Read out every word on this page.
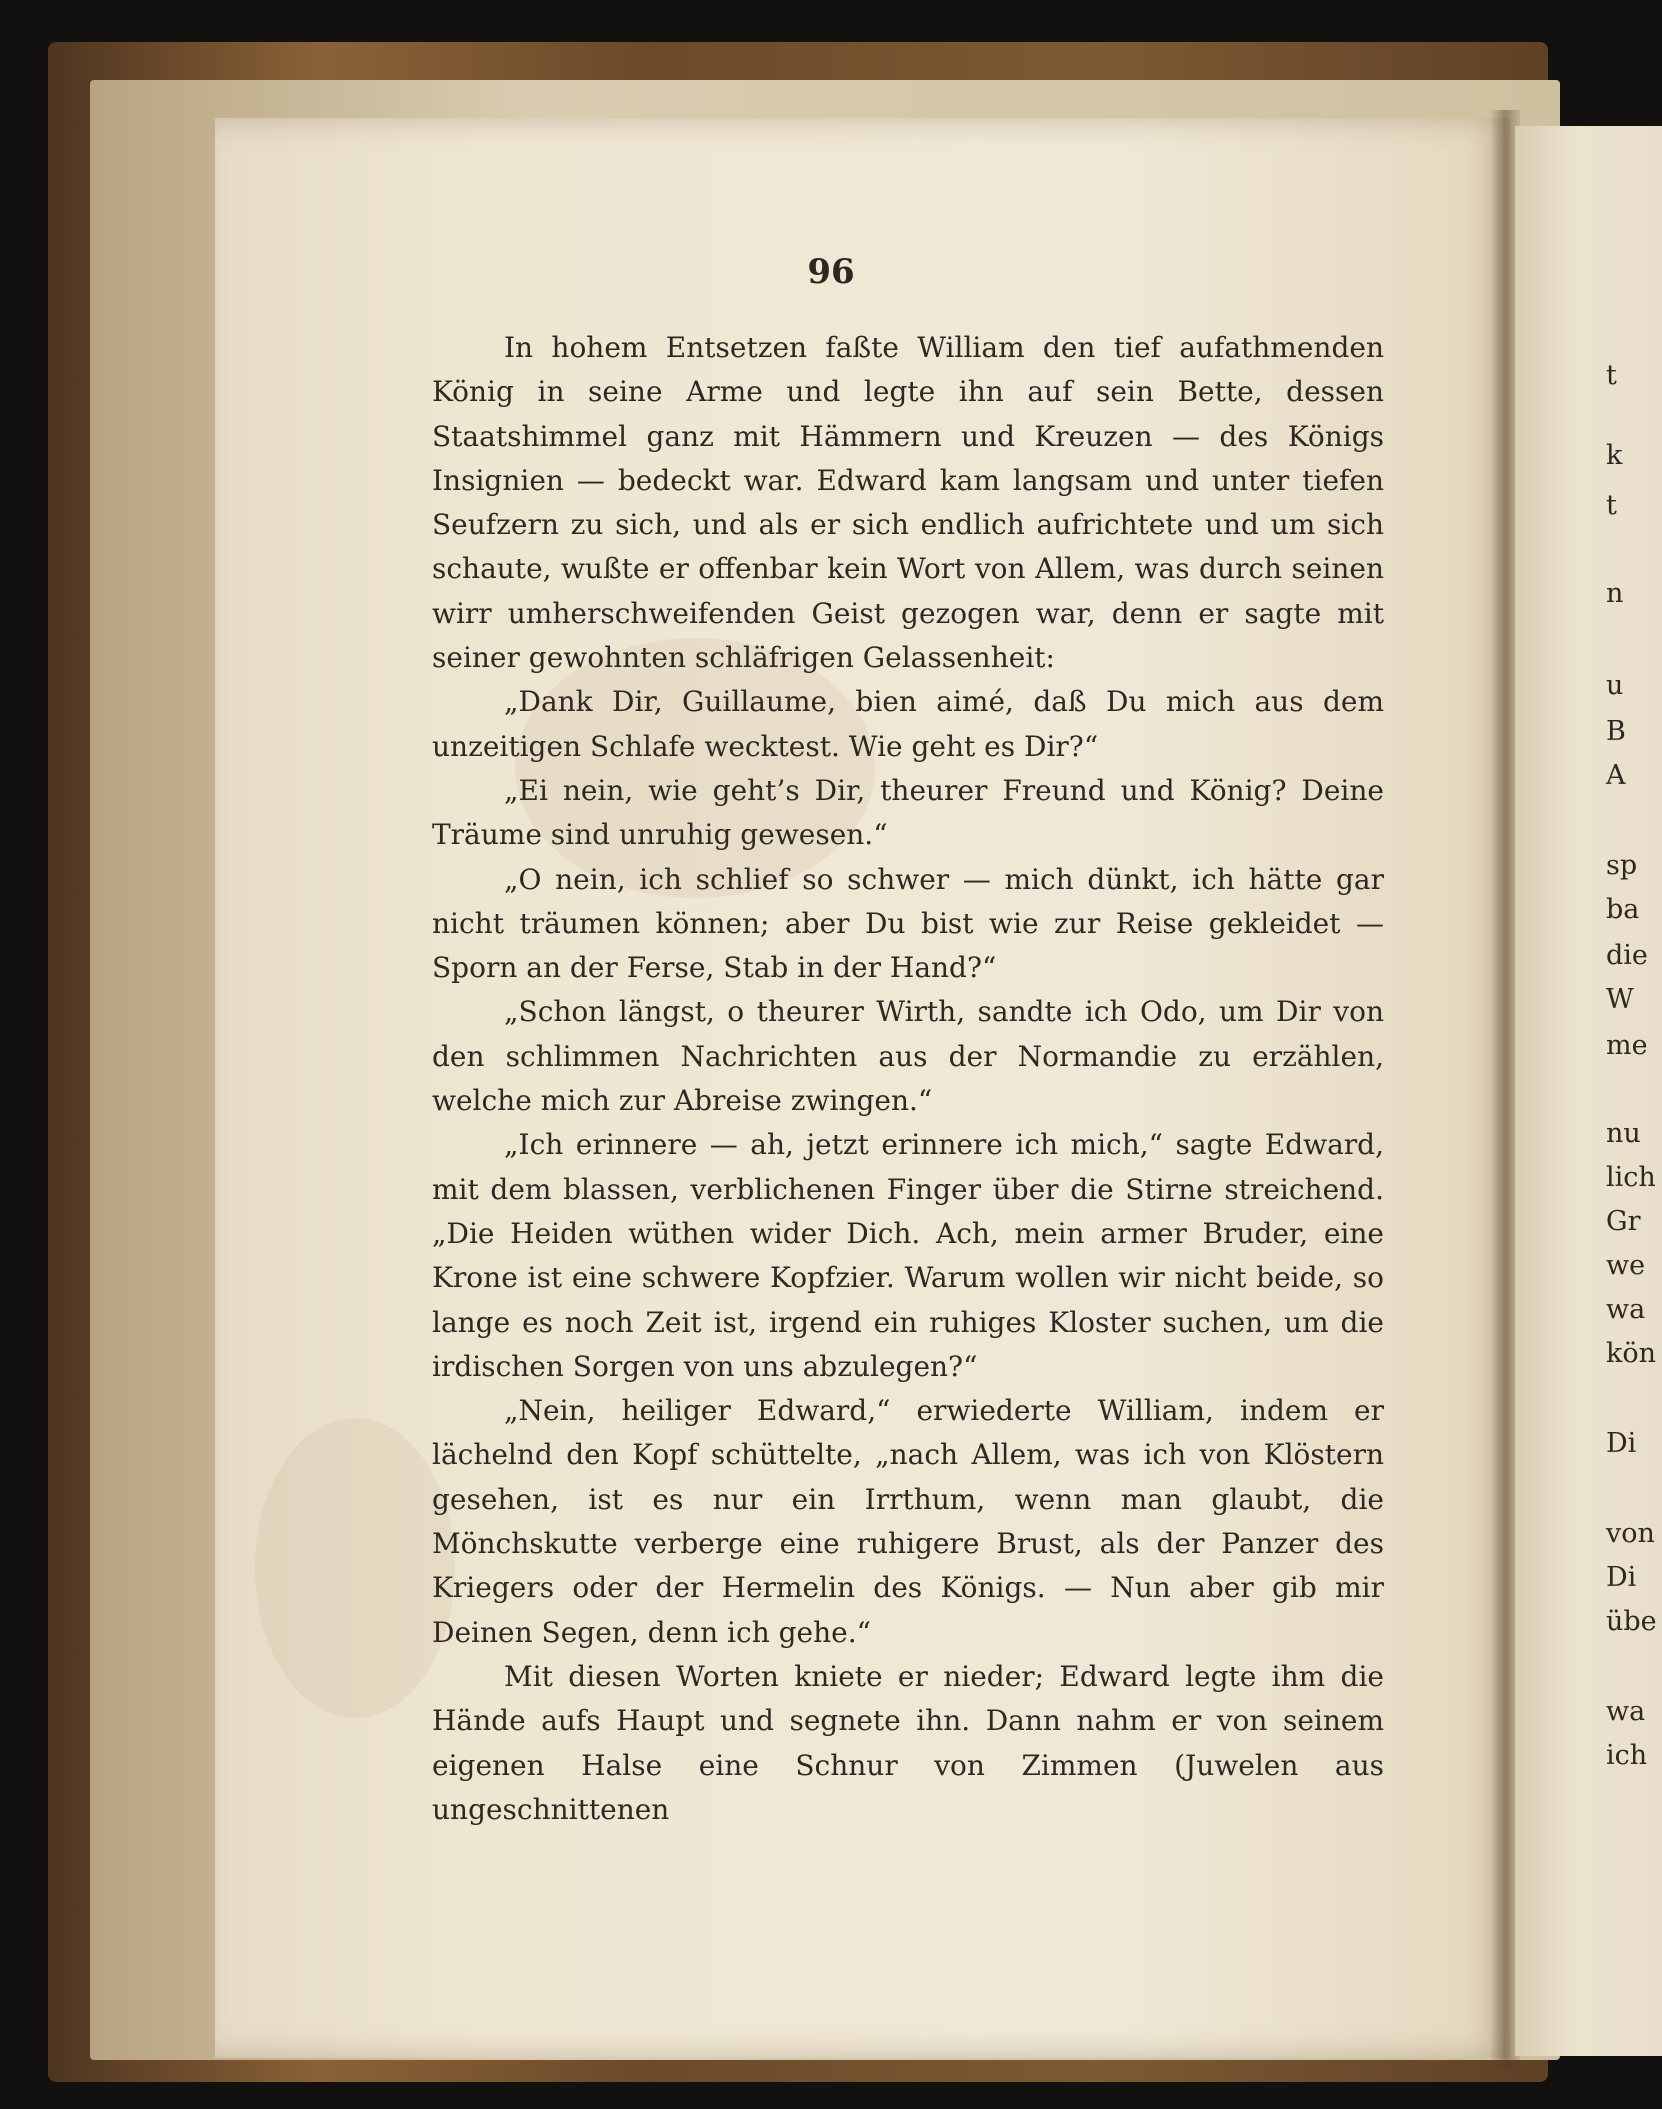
96

In hohem Entsetzen faßte William den tief aufathmenden König in seine Arme und legte ihn auf sein Bette, dessen Staatshimmel ganz mit Hämmern und Kreuzen — des Königs Insignien — bedeckt war. Edward kam langsam und unter tiefen Seufzern zu sich, und als er sich endlich aufrichtete und um sich schaute, wußte er offenbar kein Wort von Allem, was durch seinen wirr umherschweifenden Geist gezogen war, denn er sagte mit seiner gewohnten schläfrigen Gelassenheit:

„Dank Dir, Guillaume, bien aimé, daß Du mich aus dem unzeitigen Schlafe wecktest. Wie geht es Dir?“

„Ei nein, wie geht’s Dir, theurer Freund und König? Deine Träume sind unruhig gewesen.“

„O nein, ich schlief so schwer — mich dünkt, ich hätte gar nicht träumen können; aber Du bist wie zur Reise gekleidet — Sporn an der Ferse, Stab in der Hand?“

„Schon längst, o theurer Wirth, sandte ich Odo, um Dir von den schlimmen Nachrichten aus der Normandie zu erzählen, welche mich zur Abreise zwingen.“

„Ich erinnere — ah, jetzt erinnere ich mich,“ sagte Edward, mit dem blassen, verblichenen Finger über die Stirne streichend. „Die Heiden wüthen wider Dich. Ach, mein armer Bruder, eine Krone ist eine schwere Kopfzier. Warum wollen wir nicht beide, so lange es noch Zeit ist, irgend ein ruhiges Kloster suchen, um die irdischen Sorgen von uns abzulegen?“

„Nein, heiliger Edward,“ erwiederte William, indem er lächelnd den Kopf schüttelte, „nach Allem, was ich von Klöstern gesehen, ist es nur ein Irrthum, wenn man glaubt, die Mönchskutte verberge eine ruhigere Brust, als der Panzer des Kriegers oder der Hermelin des Königs. — Nun aber gib mir Deinen Segen, denn ich gehe.“

Mit diesen Worten kniete er nieder; Edward legte ihm die Hände aufs Haupt und segnete ihn. Dann nahm er von seinem eigenen Halse eine Schnur von Zimmen (Juwelen aus ungeschnittenen

t
k
t
n
u
B
A
sp
ba
die
W
me
nu
lich
Gr
we
wa
kön
Di
von
Di
übe
wa
ich
